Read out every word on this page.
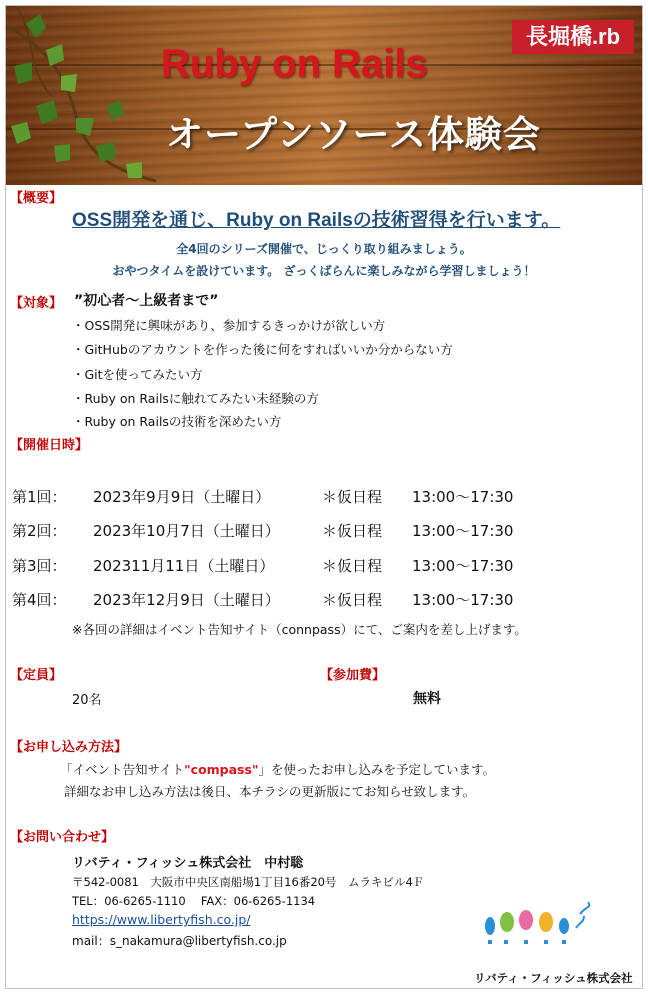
長堀橋.rb
Ruby on Rails
オープンソース体験会
【概要】
OSS開発を通じ、Ruby on Railsの技術習得を行います。
全4回のシリーズ開催で、じっくり取り組みましょう。
おやつタイムを設けています。 ざっくばらんに楽しみながら学習しましょう！
【対象】 ”初心者～上級者まで”
・OSS開発に興味があり、参加するきっかけが欲しい方
・GitHubのアカウントを作った後に何をすればいいか分からない方
・Gitを使ってみたい方
・Ruby on Railsに触れてみたい未経験の方
・Ruby on Railsの技術を深めたい方
【開催日時】
第1回： 2023年9月9日（土曜日）	＊仮日程 13:00～17:30
第2回： 2023年10月7日（土曜日）	＊仮日程 13:00～17:30
第3回： 202311月11日（土曜日）	＊仮日程 13:00～17:30
第4回： 2023年12月9日（土曜日）	＊仮日程 13:00～17:30
※各回の詳細はイベント告知サイト（connpass）にて、ご案内を差し上げます。
【定員】	【参加費】
20名	無料
【お申し込み方法】
「イベント告知サイト"compass"」を使ったお申し込みを予定しています。
詳細なお申し込み方法は後日、本チラシの更新版にてお知らせ致します。
【お問い合わせ】
リバティ・フィッシュ株式会社　中村聡
〒542-0081　大阪市中央区南船場1丁目16番20号　ムラキビル4Ｆ
TEL：06-6265-1110　 FAX：06-6265-1134
https://www.libertyfish.co.jp/
mail：s_nakamura@libertyfish.co.jp
リバティ・フィッシュ株式会社
